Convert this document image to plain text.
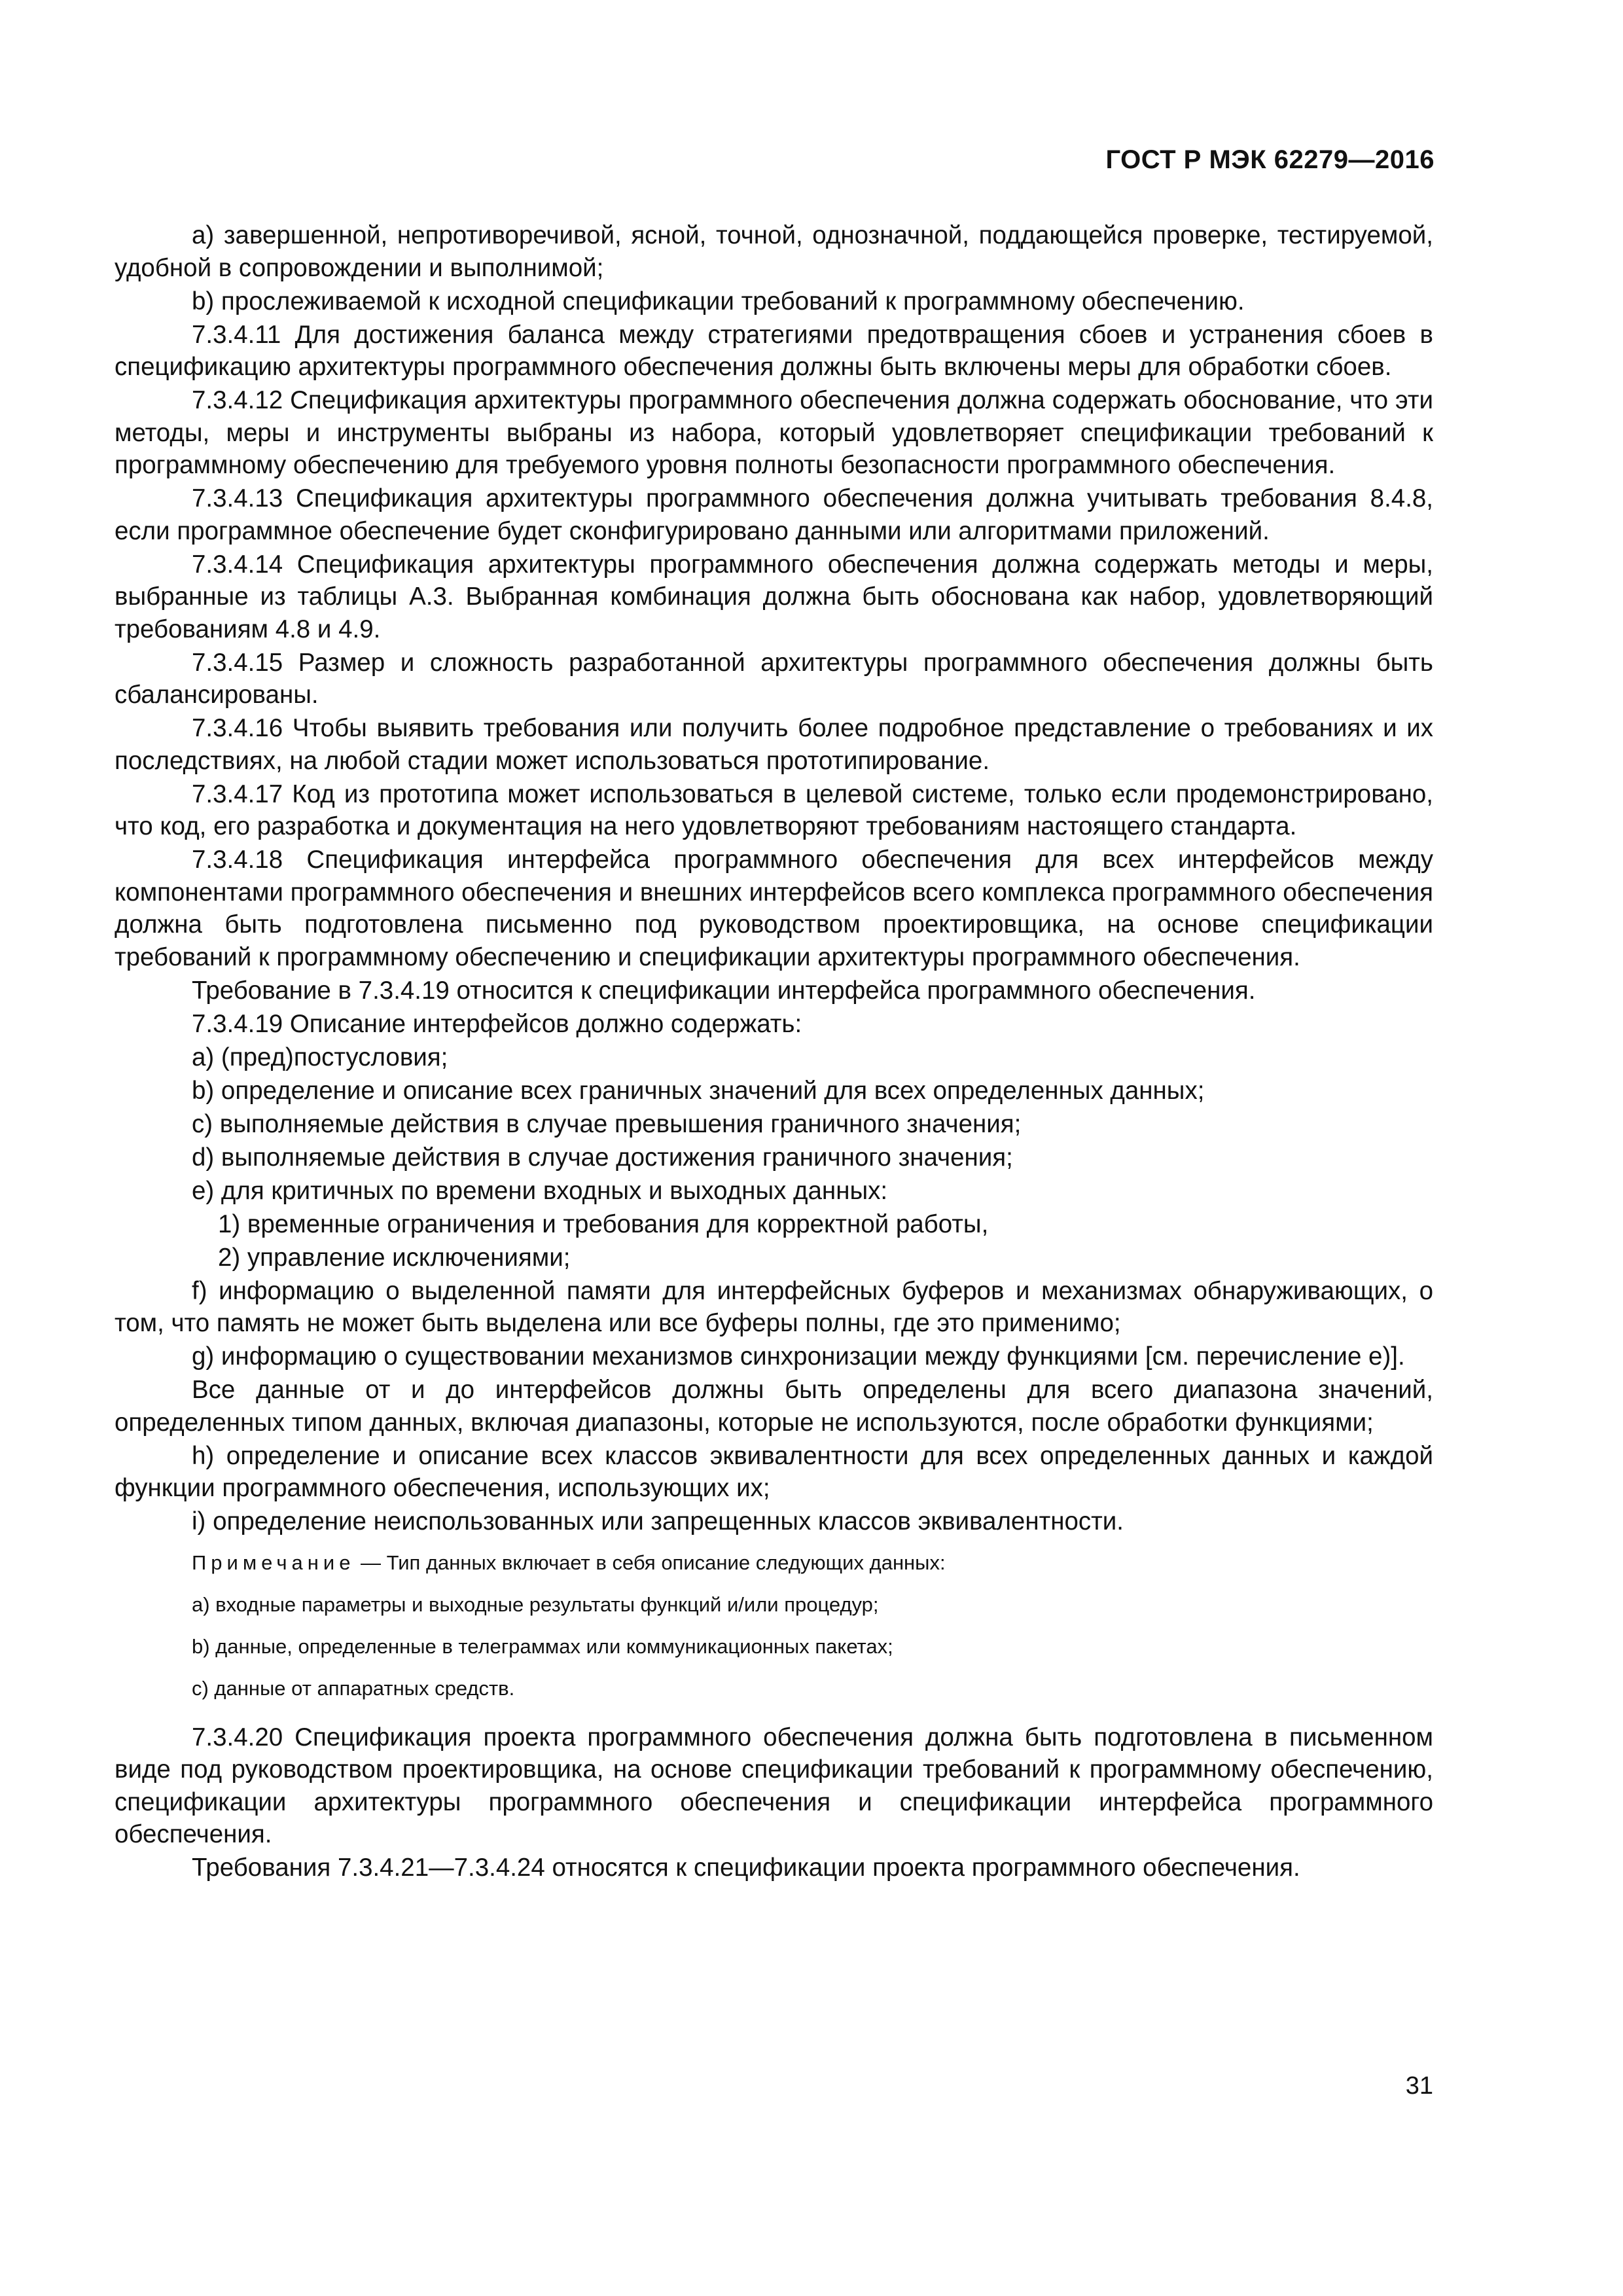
ГОСТ Р МЭК 62279—2016

а) завершенной, непротиворечивой, ясной, точной, однозначной, поддающейся проверке, тестируемой, удобной в сопровождении и выполнимой;

b) прослеживаемой к исходной спецификации требований к программному обеспечению.

7.3.4.11 Для достижения баланса между стратегиями предотвращения сбоев и устранения сбоев в спецификацию архитектуры программного обеспечения должны быть включены меры для обработки сбоев.

7.3.4.12 Спецификация архитектуры программного обеспечения должна содержать обоснование, что эти методы, меры и инструменты выбраны из набора, который удовлетворяет спецификации требований к программному обеспечению для требуемого уровня полноты безопасности программного обеспечения.

7.3.4.13 Спецификация архитектуры программного обеспечения должна учитывать требования 8.4.8, если программное обеспечение будет сконфигурировано данными или алгоритмами приложений.

7.3.4.14 Спецификация архитектуры программного обеспечения должна содержать методы и меры, выбранные из таблицы А.3. Выбранная комбинация должна быть обоснована как набор, удовлетворяющий требованиям 4.8 и 4.9.

7.3.4.15 Размер и сложность разработанной архитектуры программного обеспечения должны быть сбалансированы.

7.3.4.16 Чтобы выявить требования или получить более подробное представление о требованиях и их последствиях, на любой стадии может использоваться прототипирование.

7.3.4.17 Код из прототипа может использоваться в целевой системе, только если продемонстрировано, что код, его разработка и документация на него удовлетворяют требованиям настоящего стандарта.

7.3.4.18 Спецификация интерфейса программного обеспечения для всех интерфейсов между компонентами программного обеспечения и внешних интерфейсов всего комплекса программного обеспечения должна быть подготовлена письменно под руководством проектировщика, на основе спецификации требований к программному обеспечению и спецификации архитектуры программного обеспечения.

Требование в 7.3.4.19 относится к спецификации интерфейса программного обеспечения.

7.3.4.19 Описание интерфейсов должно содержать:

a) (пред)постусловия;

b) определение и описание всех граничных значений для всех определенных данных;

c) выполняемые действия в случае превышения граничного значения;

d) выполняемые действия в случае достижения граничного значения;

e) для критичных по времени входных и выходных данных:

1) временные ограничения и требования для корректной работы,

2) управление исключениями;

f) информацию о выделенной памяти для интерфейсных буферов и механизмах обнаруживающих, о том, что память не может быть выделена или все буферы полны, где это применимо;

g) информацию о существовании механизмов синхронизации между функциями [см. перечисление е)].

Все данные от и до интерфейсов должны быть определены для всего диапазона значений, определенных типом данных, включая диапазоны, которые не используются, после обработки функциями;

h) определение и описание всех классов эквивалентности для всех определенных данных и каждой функции программного обеспечения, использующих их;

i) определение неиспользованных или запрещенных классов эквивалентности.

Примечание — Тип данных включает в себя описание следующих данных:

а) входные параметры и выходные результаты функций и/или процедур;

b) данные, определенные в телеграммах или коммуникационных пакетах;

c) данные от аппаратных средств.

7.3.4.20 Спецификация проекта программного обеспечения должна быть подготовлена в письменном виде под руководством проектировщика, на основе спецификации требований к программному обеспечению, спецификации архитектуры программного обеспечения и спецификации интерфейса программного обеспечения.

Требования 7.3.4.21—7.3.4.24 относятся к спецификации проекта программного обеспечения.

31
